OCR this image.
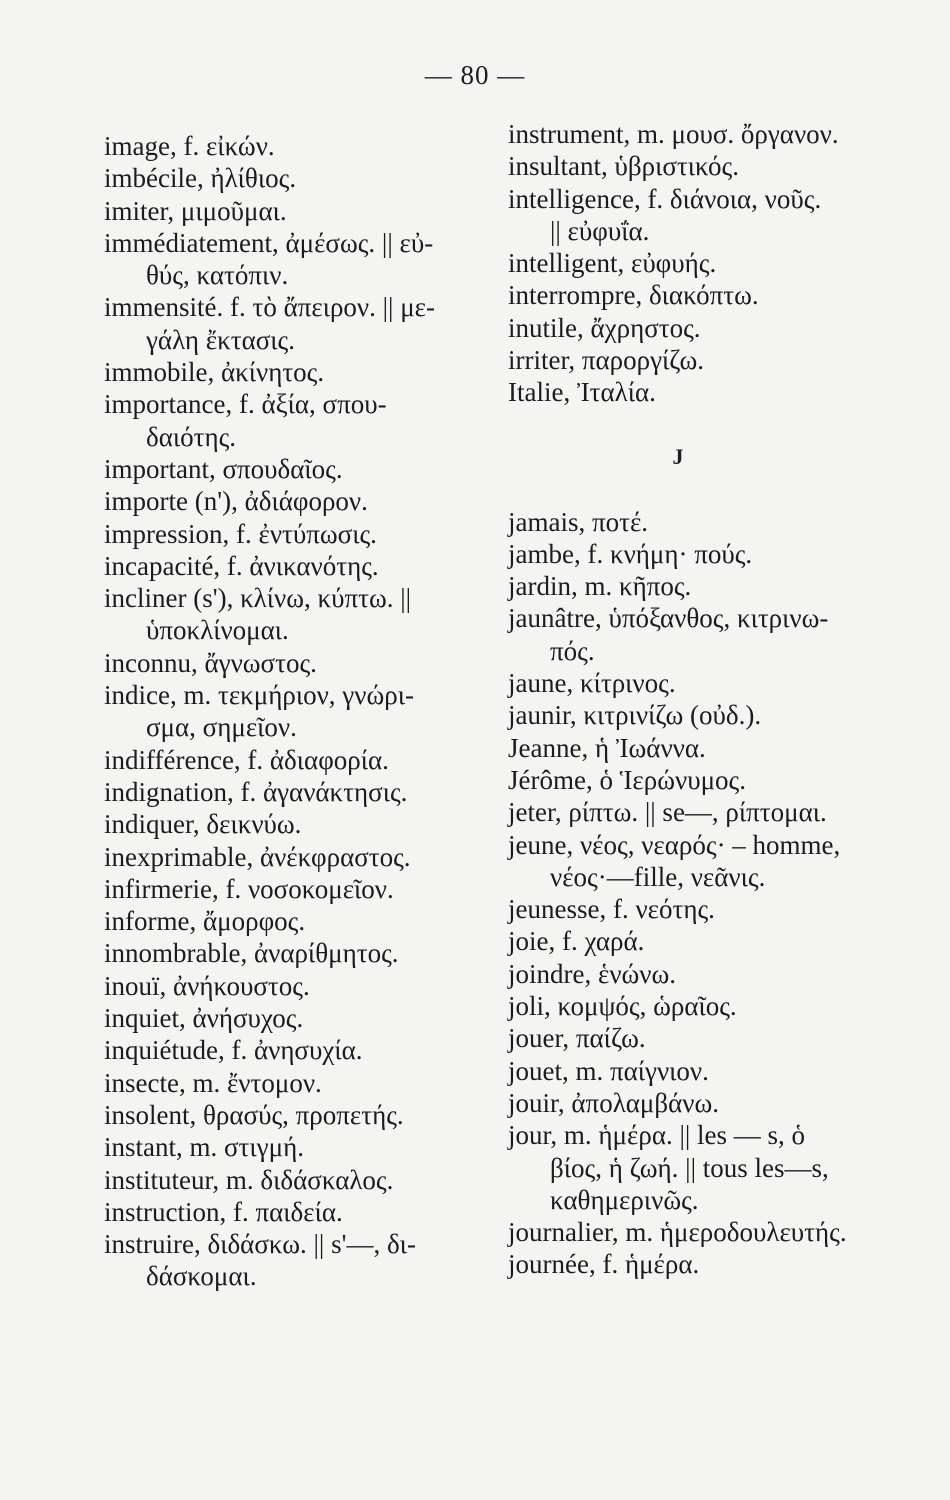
— 80 —
image, f. εἰκών.
imbécile, ἠλίθιος.
imiter, μιμοῦμαι.
immédiatement, ἀμέσως. || εὐ-
θύς, κατόπιν.
immensité. f. τὸ ἄπειρον. || με-
γάλη ἔκτασις.
immobile, ἀκίνητος.
importance, f. ἀξία, σπου-
δαιότης.
important, σπουδαῖος.
importe (n'), ἀδιάφορον.
impression, f. ἐντύπωσις.
incapacité, f. ἀνικανότης.
incliner (s'), κλίνω, κύπτω. ||
ὑποκλίνομαι.
inconnu, ἄγνωστος.
indice, m. τεκμήριον, γνώρι-
σμα, σημεῖον.
indifférence, f. ἀδιαφορία.
indignation, f. ἀγανάκτησις.
indiquer, δεικνύω.
inexprimable, ἀνέκφραστος.
infirmerie, f. νοσοκομεῖον.
informe, ἄμορφος.
innombrable, ἀναρίθμητος.
inouï, ἀνήκουστος.
inquiet, ἀνήσυχος.
inquiétude, f. ἀνησυχία.
insecte, m. ἔντομον.
insolent, θρασύς, προπετής.
instant, m. στιγμή.
instituteur, m. διδάσκαλος.
instruction, f. παιδεία.
instruire, διδάσκω. || s'—, δι-
δάσκομαι.
instrument, m. μουσ. ὄργανον.
insultant, ὑβριστικός.
intelligence, f. διάνοια, νοῦς.
|| εὐφυΐα.
intelligent, εὐφυής.
interrompre, διακόπτω.
inutile, ἄχρηστος.
irriter, παροργίζω.
Italie, Ἰταλία.
J
jamais, ποτέ.
jambe, f. κνήμη· πούς.
jardin, m. κῆπος.
jaunâtre, ὑπόξανθος, κιτρινω-
πός.
jaune, κίτρινος.
jaunir, κιτρινίζω (οὐδ.).
Jeanne, ἡ Ἰωάννα.
Jérôme, ὁ Ἱερώνυμος.
jeter, ρίπτω. || se—, ρίπτομαι.
jeune, νέος, νεαρός· – homme,
νέος·—fille, νεᾶνις.
jeunesse, f. νεότης.
joie, f. χαρά.
joindre, ἑνώνω.
joli, κομψός, ὡραῖος.
jouer, παίζω.
jouet, m. παίγνιον.
jouir, ἀπολαμβάνω.
jour, m. ἡμέρα. || les — s, ὁ
βίος, ἡ ζωή. || tous les—s,
καθημερινῶς.
journalier, m. ἡμεροδουλευτής.
journée, f. ἡμέρα.
